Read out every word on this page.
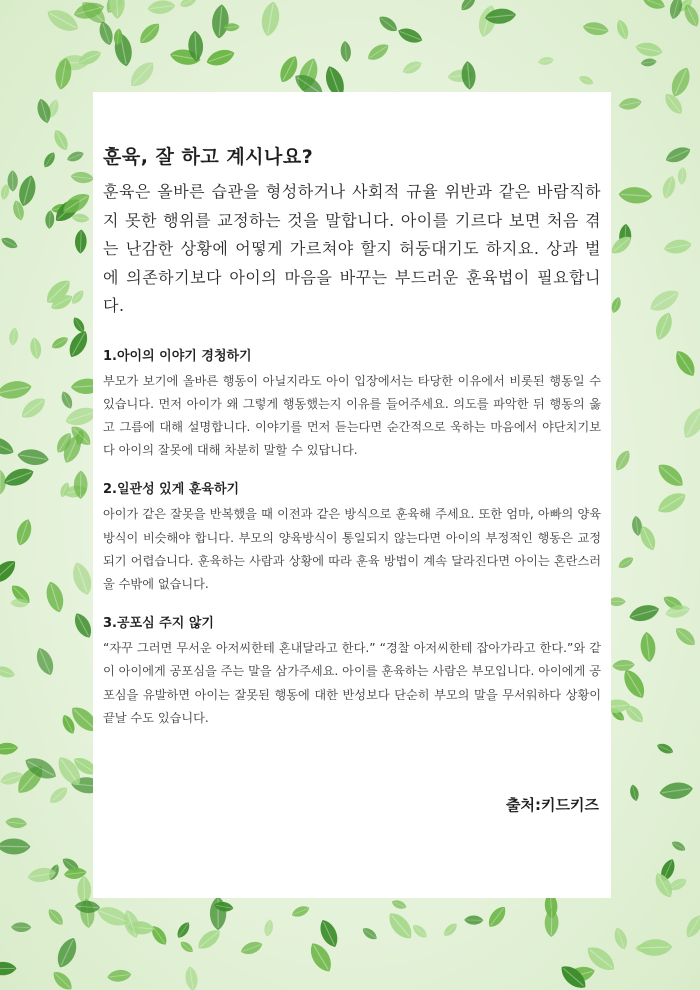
훈육, 잘 하고 계시나요?

훈육은 올바른 습관을 형성하거나 사회적 규율 위반과 같은 바람직하지 못한 행위를 교정하는 것을 말합니다. 아이를 기르다 보면 처음 겪는 난감한 상황에 어떻게 가르쳐야 할지 허둥대기도 하지요. 상과 벌에 의존하기보다 아이의 마음을 바꾸는 부드러운 훈육법이 필요합니다.

1.아이의 이야기 경청하기

부모가 보기에 올바른 행동이 아닐지라도 아이 입장에서는 타당한 이유에서 비롯된 행동일 수 있습니다. 먼저 아이가 왜 그렇게 행동했는지 이유를 들어주세요. 의도를 파악한 뒤 행동의 옳고 그름에 대해 설명합니다. 이야기를 먼저 듣는다면 순간적으로 욱하는 마음에서 야단치기보다 아이의 잘못에 대해 차분히 말할 수 있답니다.

2.일관성 있게 훈육하기

아이가 같은 잘못을 반복했을 때 이전과 같은 방식으로 훈육해 주세요. 또한 엄마, 아빠의 양육방식이 비슷해야 합니다. 부모의 양육방식이 통일되지 않는다면 아이의 부정적인 행동은 교정되기 어렵습니다. 훈육하는 사람과 상황에 따라 훈육 방법이 계속 달라진다면 아이는 혼란스러울 수밖에 없습니다.

3.공포심 주지 않기

“자꾸 그러면 무서운 아저씨한테 혼내달라고 한다.” “경찰 아저씨한테 잡아가라고 한다.”와 같이 아이에게 공포심을 주는 말을 삼가주세요. 아이를 훈육하는 사람은 부모입니다. 아이에게 공포심을 유발하면 아이는 잘못된 행동에 대한 반성보다 단순히 부모의 말을 무서워하다 상황이 끝날 수도 있습니다.

출처:키드키즈
